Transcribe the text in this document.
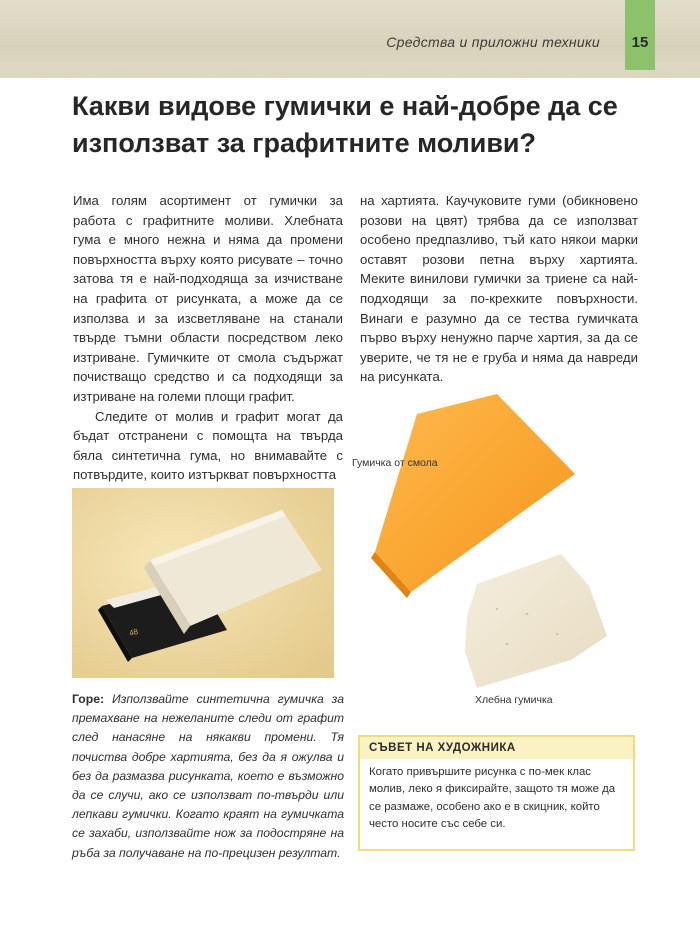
Средства и приложни техники	15
Какви видове гумички е най-добре да се използват за графитните моливи?

Има голям асортимент от гумички за работа с графитните моливи. Хлебната гума е много нежна и няма да промени повърхността върху която рисувате – точно затова тя е най-подходяща за изчистване на графита от рисунката, а може да се използва и за изсветляване на станали твърде тъмни области посредством леко изтриване. Гумичките от смола съдържат почистващо средство и са подходящи за изтриване на големи площи графит.

Следите от молив и графит могат да бъдат отстранени с помощта на твърда бяла синтетична гума, но внимавайте с потвърдите, които изтъркват повърхността

на хартията. Каучуковите гуми (обикновено розови на цвят) трябва да се използват особено предпазливо, тъй като някои марки оставят розови петна върху хартията. Меките винилови гумички за триене са най-подходящи за по-крехките повърхности. Винаги е разумно да се тества гумичката първо върху ненужно парче хартия, за да се уверите, че тя не е груба и няма да навреди на рисунката.

48
Гумичка от смола
Хлебна гумичка
Горе: Използвайте синтетична гумичка за премахване на нежеланите следи от графит след нанасяне на някакви промени. Тя почиства добре хартията, без да я ожулва и без да размазва рисунката, което е възможно да се случи, ако се използват по-твърди или лепкави гумички. Когато краят на гумичката се захаби, използвайте нож за подострянe на ръба за получаване на по-прецизен резултат.
СЪВЕТ НА ХУДОЖНИКА
Когато привършите рисунка с по-мек клас молив, леко я фиксирайте, защото тя може да се размаже, особено ако е в скицник, който често носите със себе си.
